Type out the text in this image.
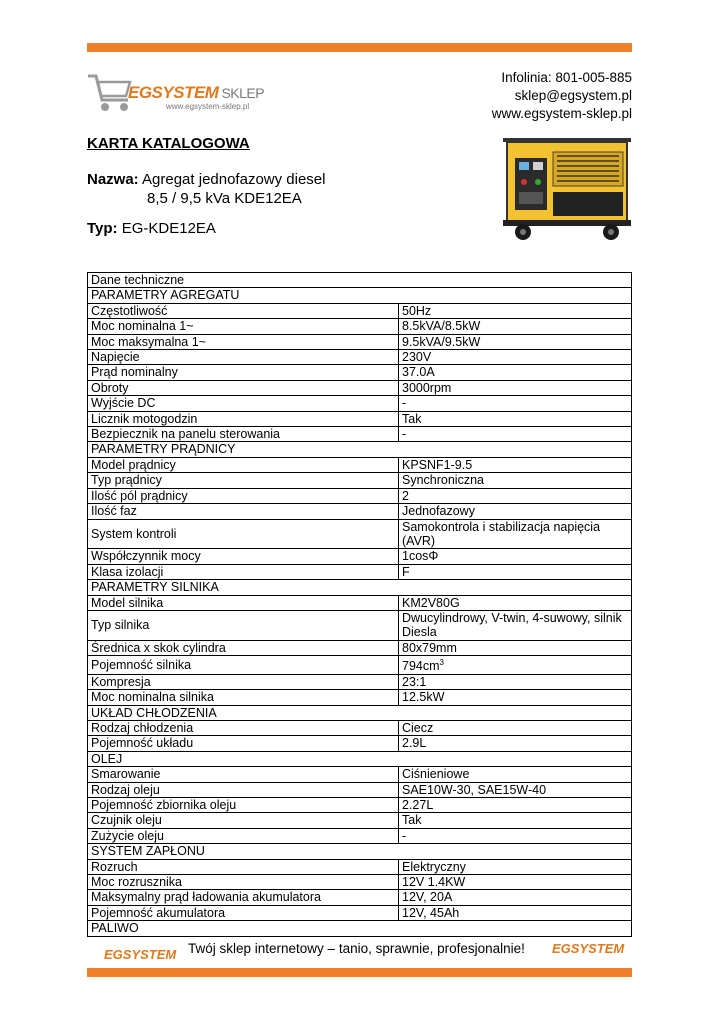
EGSYSTEM SKLEP
www.egsystem-sklep.pl
Infolinia: 801-005-885
sklep@egsystem.pl
www.egsystem-sklep.pl
KARTA KATALOGOWA
Nazwa: Agregat jednofazowy diesel
8,5 / 9,5 kVa KDE12EA
Typ: EG-KDE12EA
Dane techniczne	
PARAMETRY AGREGATU	
Częstotliwość	50Hz
Moc nominalna 1~	8.5kVA/8.5kW
Moc maksymalna 1~	9.5kVA/9.5kW
Napięcie	230V
Prąd nominalny	37.0A
Obroty	3000rpm
Wyjście DC	-
Licznik motogodzin	Tak
Bezpiecznik na panelu sterowania	-
PARAMETRY PRĄDNICY	
Model prądnicy	KPSNF1-9.5
Typ prądnicy	Synchroniczna
Ilość pól prądnicy	2
Ilość faz	Jednofazowy
System kontroli	Samokontrola i stabilizacja napięcia (AVR)
Współczynnik mocy	1cosΦ
Klasa izolacji	F
PARAMETRY SILNIKA	
Model silnika	KM2V80G
Typ silnika	Dwucylindrowy, V-twin, 4-suwowy, silnik Diesla
Średnica x skok cylindra	80x79mm
Pojemność silnika	$794cm^3$
Kompresja	23:1
Moc nominalna silnika	12.5kW
UKŁAD CHŁODZENIA	
Rodzaj chłodzenia	Ciecz
Pojemność układu	2.9L
OLEJ	
Smarowanie	Ciśnieniowe
Rodzaj oleju	SAE10W-30, SAE15W-40
Pojemność zbiornika oleju	2.27L
Czujnik oleju	Tak
Zużycie oleju	-
SYSTEM ZAPŁONU	
Rozruch	Elektryczny
Moc rozrusznika	12V 1.4KW
Maksymalny prąd ładowania akumulatora	12V, 20A
Pojemność akumulatora	12V, 45Ah
PALIWO	
EGSYSTEM Twój sklep internetowy – tanio, sprawnie, profesjonalnie! EGSYSTEM
